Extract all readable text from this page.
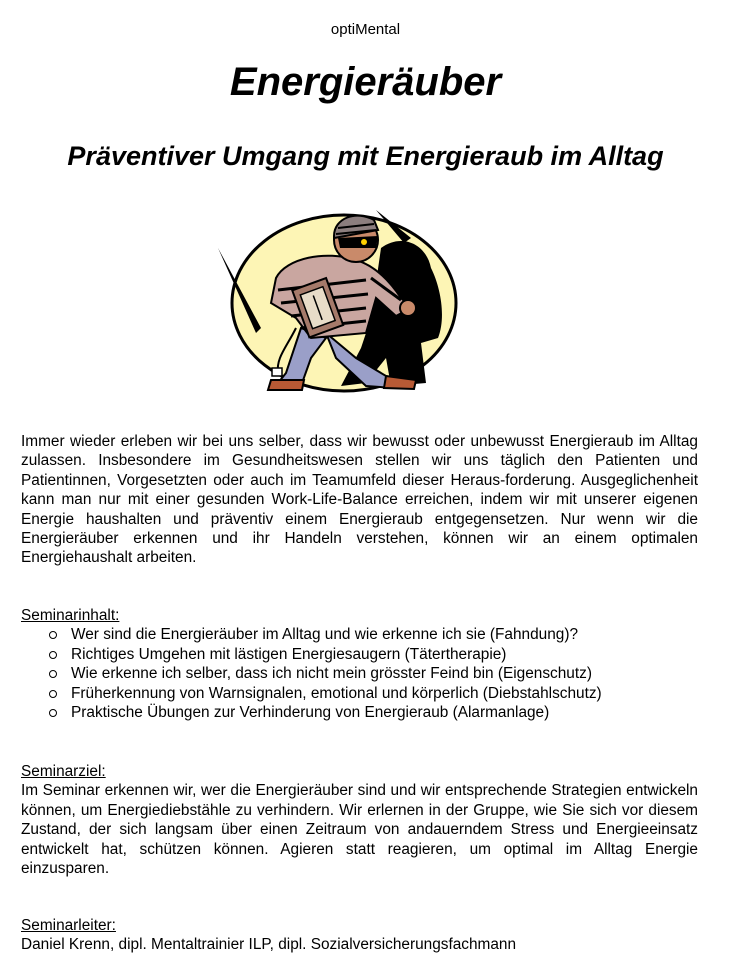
optiMental
Energieräuber
Präventiver Umgang mit Energieraub im Alltag
Immer wieder erleben wir bei uns selber, dass wir bewusst oder unbewusst Energieraub im Alltag zulassen. Insbesondere im Gesundheitswesen stellen wir uns täglich den Patienten und Patientinnen, Vorgesetzten oder auch im Teamumfeld dieser Heraus-forderung. Ausgeglichenheit kann man nur mit einer gesunden Work-Life-Balance erreichen, indem wir mit unserer eigenen Energie haushalten und präventiv einem Energieraub entgegensetzen. Nur wenn wir die Energieräuber erkennen und ihr Handeln verstehen, können wir an einem optimalen Energiehaushalt arbeiten.
Seminarinhalt:
Wer sind die Energieräuber im Alltag und wie erkenne ich sie (Fahndung)?
Richtiges Umgehen mit lästigen Energiesaugern (Tätertherapie)
Wie erkenne ich selber, dass ich nicht mein grösster Feind bin (Eigenschutz)
Früherkennung von Warnsignalen, emotional und körperlich (Diebstahlschutz)
Praktische Übungen zur Verhinderung von Energieraub (Alarmanlage)
Seminarziel:
Im Seminar erkennen wir, wer die Energieräuber sind und wir entsprechende Strategien entwickeln können, um Energiediebstähle zu verhindern. Wir erlernen in der Gruppe, wie Sie sich vor diesem Zustand, der sich langsam über einen Zeitraum von andauerndem Stress und Energieeinsatz entwickelt hat, schützen können. Agieren statt reagieren, um optimal im Alltag Energie einzusparen.
Seminarleiter:
Daniel Krenn, dipl. Mentaltrainier ILP, dipl. Sozialversicherungsfachmann
